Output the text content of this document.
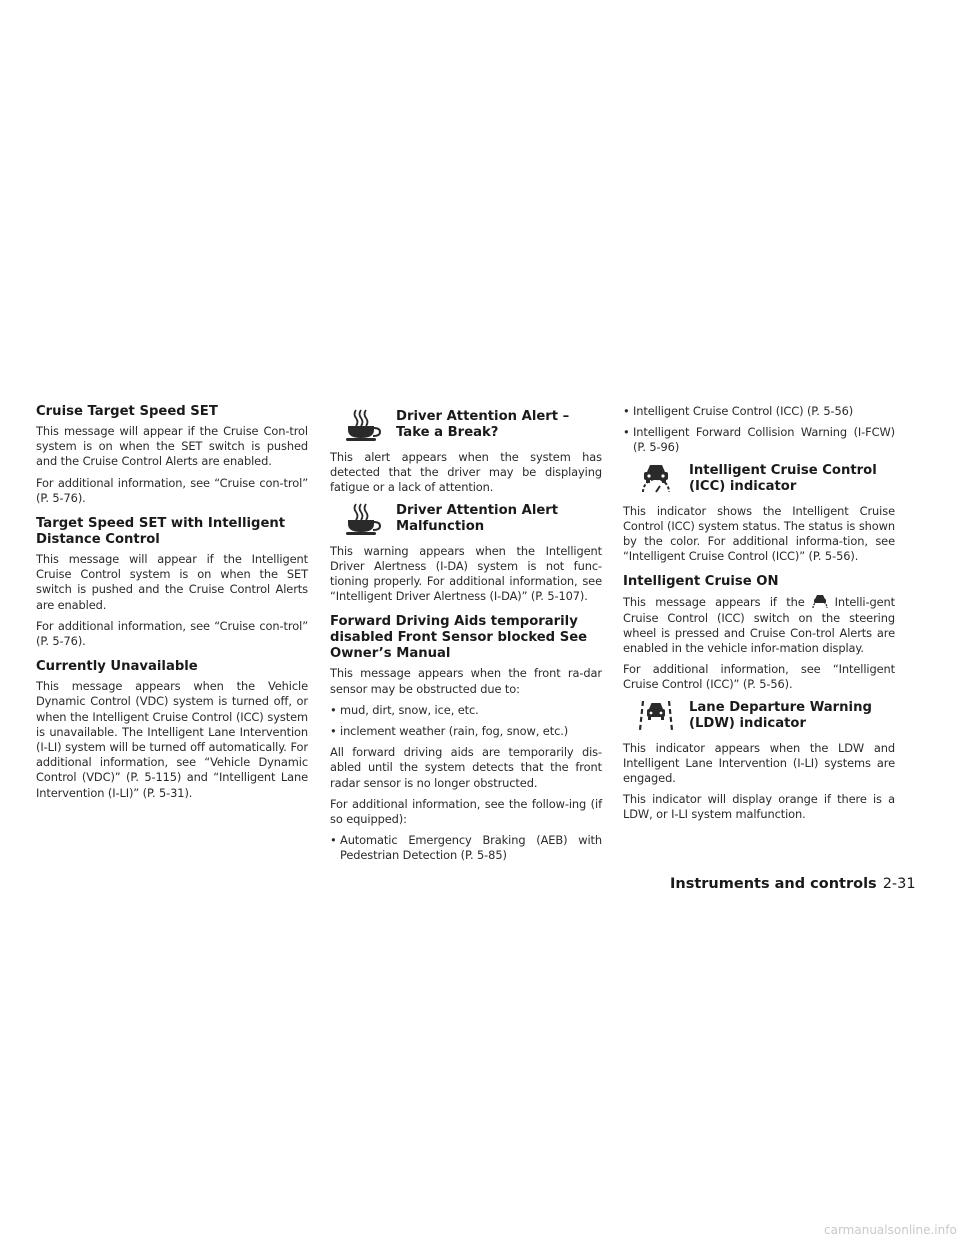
Cruise Target Speed SET

This message will appear if the Cruise Con-trol system is on when the SET switch is pushed and the Cruise Control Alerts are enabled.

For additional information, see “Cruise con-trol” (P. 5-76).

Target Speed SET with Intelligent Distance Control

This message will appear if the Intelligent Cruise Control system is on when the SET switch is pushed and the Cruise Control Alerts are enabled.

For additional information, see “Cruise con-trol” (P. 5-76).

Currently Unavailable

This message appears when the Vehicle Dynamic Control (VDC) system is turned off, or when the Intelligent Cruise Control (ICC) system is unavailable. The Intelligent Lane Intervention (I-LI) system will be turned off automatically. For additional information, see “Vehicle Dynamic Control (VDC)” (P. 5-115) and “Intelligent Lane Intervention (I-LI)” (P. 5-31).

Driver Attention Alert – Take a Break?

This alert appears when the system has detected that the driver may be displaying fatigue or a lack of attention.

Driver Attention Alert Malfunction

This warning appears when the Intelligent Driver Alertness (I-DA) system is not func-tioning properly. For additional information, see “Intelligent Driver Alertness (I-DA)” (P. 5-107).

Forward Driving Aids temporarily disabled Front Sensor blocked See Owner’s Manual

This message appears when the front ra-dar sensor may be obstructed due to:

• mud, dirt, snow, ice, etc.

• inclement weather (rain, fog, snow, etc.)

All forward driving aids are temporarily dis-abled until the system detects that the front radar sensor is no longer obstructed.

For additional information, see the follow-ing (if so equipped):

• Automatic Emergency Braking (AEB) with Pedestrian Detection (P. 5-85)

• Intelligent Cruise Control (ICC) (P. 5-56)

• Intelligent Forward Collision Warning (I-FCW) (P. 5-96)

Intelligent Cruise Control (ICC) indicator

This indicator shows the Intelligent Cruise Control (ICC) system status. The status is shown by the color. For additional informa-tion, see “Intelligent Cruise Control (ICC)” (P. 5-56).

Intelligent Cruise ON

This message appears if the	Intelli-gent Cruise Control (ICC) switch on the steering wheel is pressed and Cruise Con-trol Alerts are enabled in the vehicle infor-mation display.

For additional information, see “Intelligent Cruise Control (ICC)” (P. 5-56).

Lane Departure Warning (LDW) indicator

This indicator appears when the LDW and Intelligent Lane Intervention (I-LI) systems are engaged.

This indicator will display orange if there is a LDW, or I-LI system malfunction.

Instruments and controls 2-31
carmanualsonline.info
